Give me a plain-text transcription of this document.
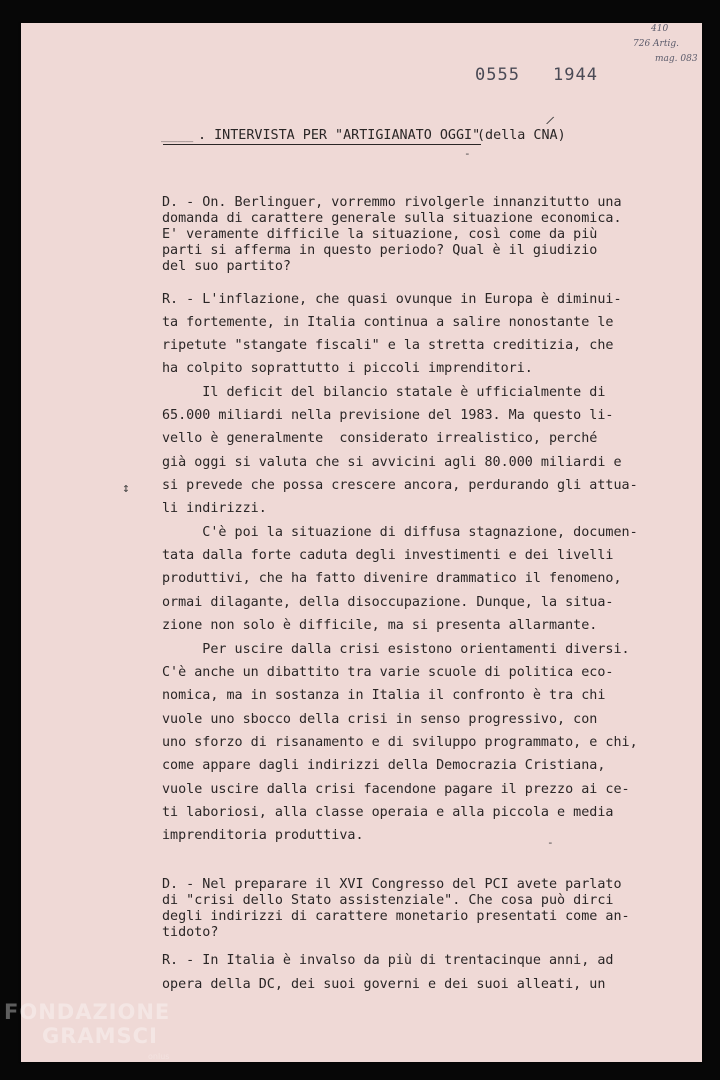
0555 1944
410
726 Artig.
mag. 083
____ . INTERVISTA PER "ARTIGIANATO OGGI"
(della CNA)
/
-
D. - On. Berlinguer, vorremmo rivolgerle innanzitutto una
domanda di carattere generale sulla situazione economica.
E' veramente difficile la situazione, così come da più
parti si afferma in questo periodo? Qual è il giudizio
del suo partito?
R. - L'inflazione, che quasi ovunque in Europa è diminui-
ta fortemente, in Italia continua a salire nonostante le
ripetute "stangate fiscali" e la stretta creditizia, che
ha colpito soprattutto i piccoli imprenditori.
Il deficit del bilancio statale è ufficialmente di
65.000 miliardi nella previsione del 1983. Ma questo li-
vello è generalmente  considerato irrealistico, perché
già oggi si valuta che si avvicini agli 80.000 miliardi e
si prevede che possa crescere ancora, perdurando gli attua-
li indirizzi.
C'è poi la situazione di diffusa stagnazione, documen-
tata dalla forte caduta degli investimenti e dei livelli
produttivi, che ha fatto divenire drammatico il fenomeno,
ormai dilagante, della disoccupazione. Dunque, la situa-
zione non solo è difficile, ma si presenta allarmante.
Per uscire dalla crisi esistono orientamenti diversi.
C'è anche un dibattito tra varie scuole di politica eco-
nomica, ma in sostanza in Italia il confronto è tra chi
vuole uno sbocco della crisi in senso progressivo, con
uno sforzo di risanamento e di sviluppo programmato, e chi,
come appare dagli indirizzi della Democrazia Cristiana,
vuole uscire dalla crisi facendone pagare il prezzo ai ce-
ti laboriosi, alla classe operaia e alla piccola e media
imprenditoria produttiva.	-
↕
D. - Nel preparare il XVI Congresso del PCI avete parlato
di "crisi dello Stato assistenziale". Che cosa può dirci
degli indirizzi di carattere monetario presentati come an-
tidoto?
R. - In Italia è invalso da più di trentacinque anni, ad
opera della DC, dei suoi governi e dei suoi alleati, un
FONDAZIONE
GRAMSCI
onlus
